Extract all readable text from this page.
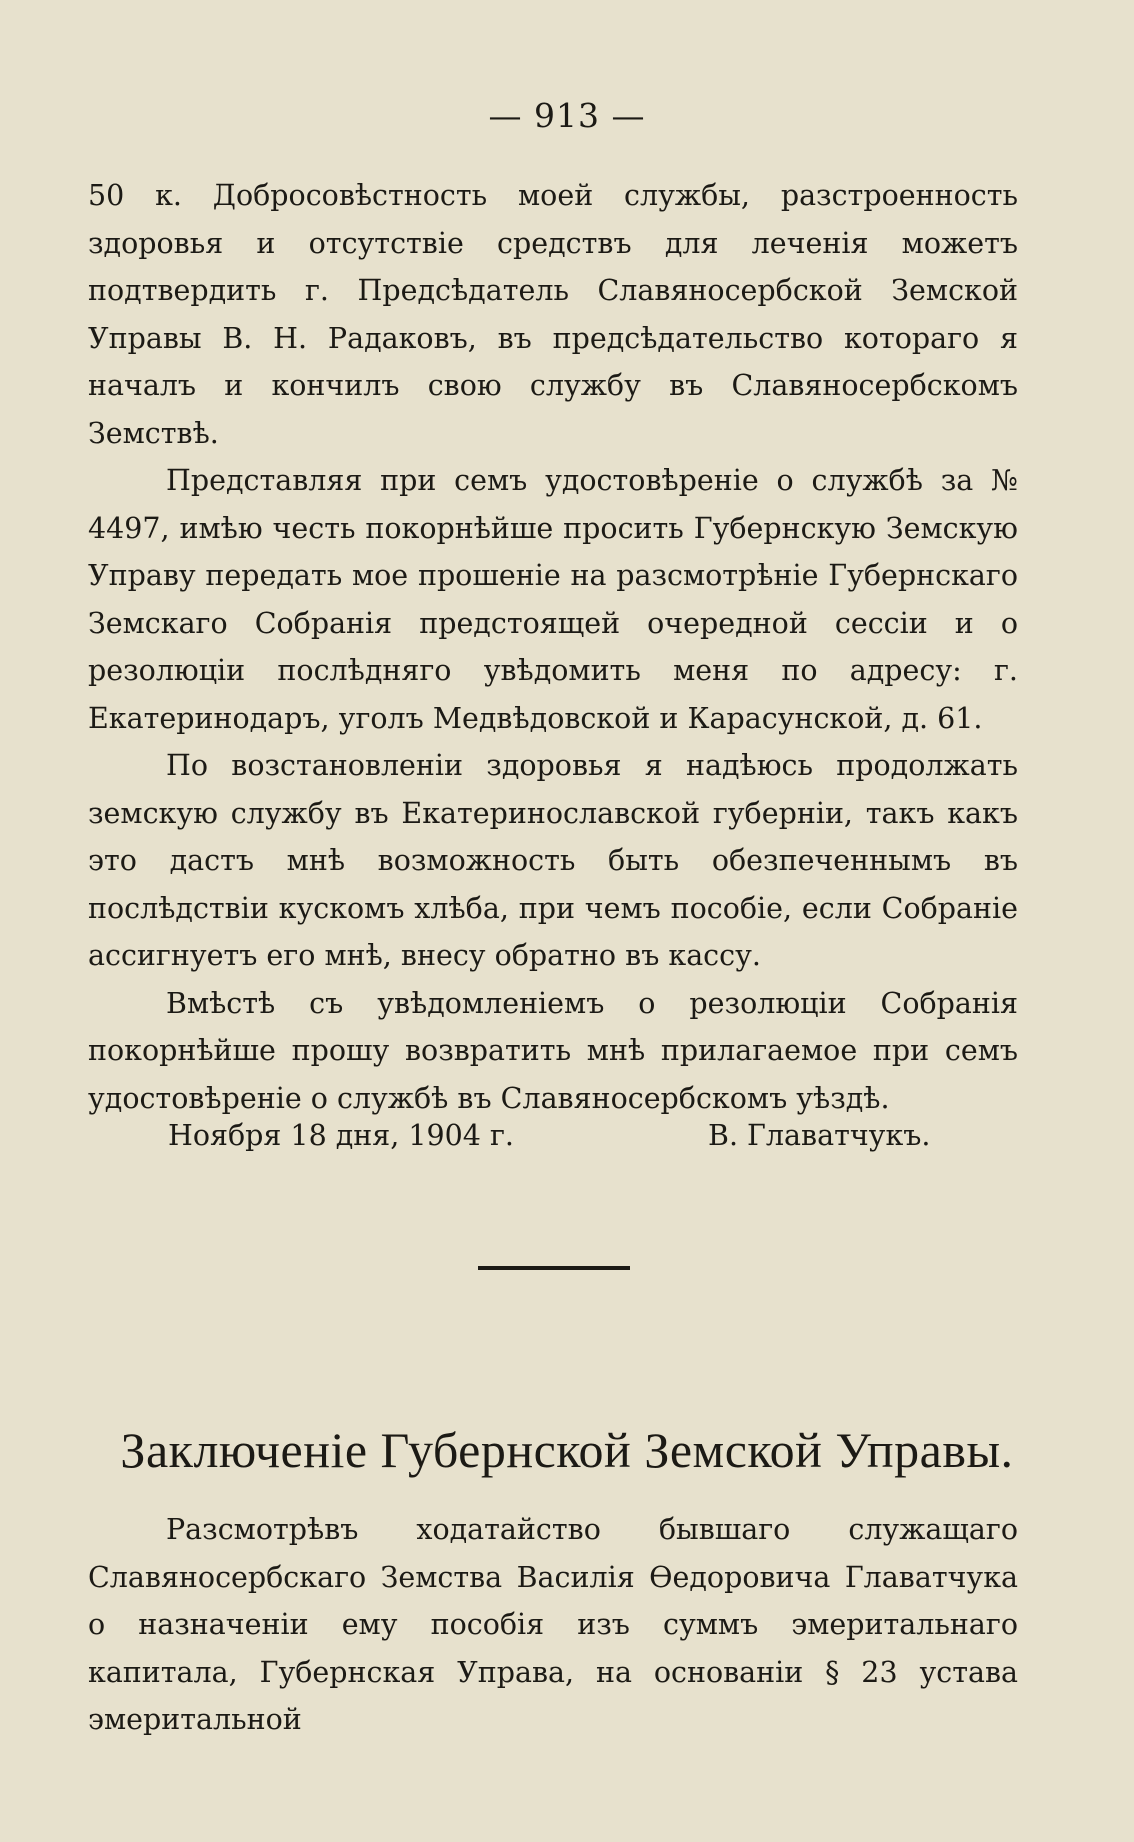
— 913 —

50 к. Добросовѣстность моей службы, разстроенность здоровья и отсутствіе средствъ для леченія можетъ подтвердить г. Предсѣдатель Славяносербской Земской Управы В. Н. Радаковъ, въ предсѣдательство котораго я началъ и кончилъ свою службу въ Славяносербскомъ Земствѣ.

Представляя при семъ удостовѣреніе о службѣ за № 4497, имѣю честь покорнѣйше просить Губернскую Земскую Управу передать мое прошеніе на разсмотрѣніе Губернскаго Земскаго Собранія предстоящей очередной сессіи и о резолюціи послѣдняго увѣдомить меня по адресу: г. Екатеринодаръ, уголъ Медвѣдовской и Карасунской, д. 61.

По возстановленіи здоровья я надѣюсь продолжать земскую службу въ Екатеринославской губерніи, такъ какъ это дастъ мнѣ возможность быть обезпеченнымъ въ послѣдствіи кускомъ хлѣба, при чемъ пособіе, если Собраніе ассигнуетъ его мнѣ, внесу обратно въ кассу.

Вмѣстѣ съ увѣдомленіемъ о резолюціи Собранія покорнѣйше прошу возвратить мнѣ прилагаемое при семъ удостовѣреніе о службѣ въ Славяносербскомъ уѣздѣ.

Ноября 18 дня, 1904 г.	В. Главатчукъ.
Заключеніе Губернской Земской Управы.

Разсмотрѣвъ ходатайство бывшаго служащаго Славяносербскаго Земства Василія Ѳедоровича Главатчука о назначеніи ему пособія изъ суммъ эмеритальнаго капитала, Губернская Управа, на основаніи § 23 устава эмеритальной
